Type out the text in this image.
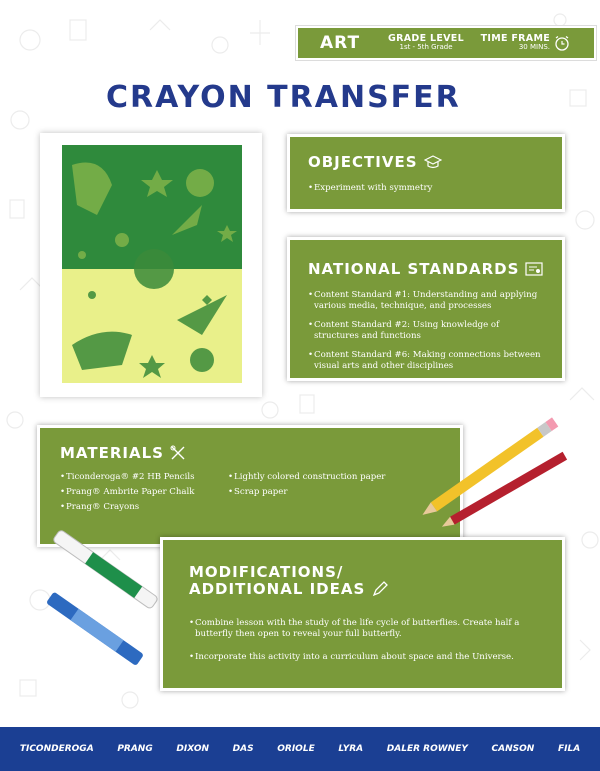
ART	GRADE LEVEL
1st - 5th Grade
TIME FRAME
30 MINS.
CRAYON TRANSFER
OBJECTIVES
• Experiment with symmetry
NATIONAL STANDARDS
• Content Standard #1: Understanding and applying various media, technique, and processes
• Content Standard #2: Using knowledge of structures and functions
• Content Standard #6: Making connections between visual arts and other disciplines
MATERIALS
• Ticonderoga® #2 HB Pencils
• Prang® Ambrite Paper Chalk
• Prang® Crayons
• Lightly colored construction paper
• Scrap paper
MODIFICATIONS/
ADDITIONAL IDEAS
• Combine lesson with the study of the life cycle of butterflies. Create half a butterfly then open to reveal your full butterfly.
• Incorporate this activity into a curriculum about space and the Universe.
TICONDEROGA	PRANG	DIXON	DAS	ORIOLE	LYRA	DALER ROWNEY	CANSON	FILA
